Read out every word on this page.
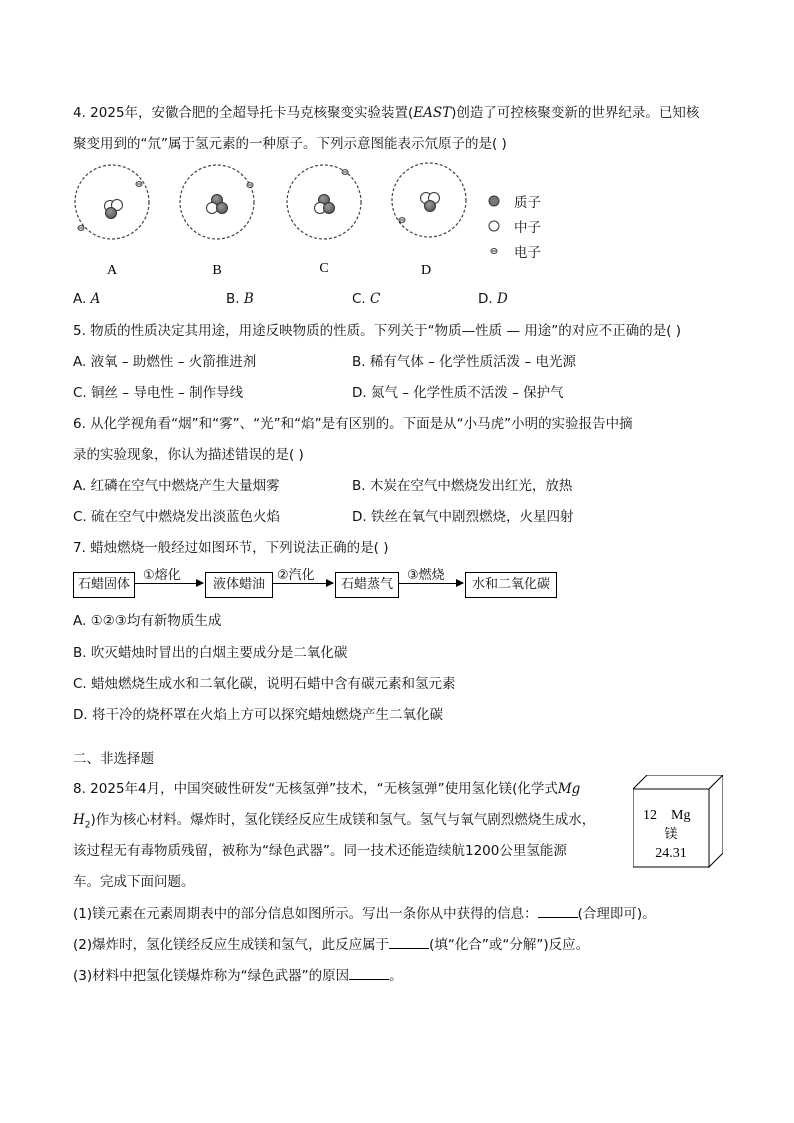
4. 2025年，安徽合肥的全超导托卡马克核聚变实验装置(EAST)创造了可控核聚变新的世界纪录。已知核
聚变用到的“氘”属于氢元素的一种原子。下列示意图能表示氘原子的是( )
A	B	C	D
质子
中子
电子
A. A	B. B	C. C	D. D
5. 物质的性质决定其用途，用途反映物质的性质。下列关于“物质—性质 — 用途”的对应不正确的是( )
A. 液氧 – 助燃性 – 火箭推进剂	B. 稀有气体 – 化学性质活泼 – 电光源
C. 铜丝 – 导电性 – 制作导线	D. 氮气 – 化学性质不活泼 – 保护气
6. 从化学视角看“烟”和“雾”、“光”和“焰”是有区别的。下面是从“小马虎”小明的实验报告中摘
录的实验现象，你认为描述错误的是( )
A. 红磷在空气中燃烧产生大量烟雾	B. 木炭在空气中燃烧发出红光，放热
C. 硫在空气中燃烧发出淡蓝色火焰	D. 铁丝在氧气中剧烈燃烧，火星四射
7. 蜡烛燃烧一般经过如图环节，下列说法正确的是( )
石蜡固体
①熔化
液体蜡油
②汽化
石蜡蒸气
③燃烧
水和二氧化碳
A. ①②③均有新物质生成
B. 吹灭蜡烛时冒出的白烟主要成分是二氧化碳
C. 蜡烛燃烧生成水和二氧化碳，说明石蜡中含有碳元素和氢元素
D. 将干冷的烧杯罩在火焰上方可以探究蜡烛燃烧产生二氧化碳
二、非选择题
8. 2025年4月，中国突破性研发“无核氢弹”技术，“无核氢弹”使用氢化镁(化学式Mg
$H_2$)作为核心材料。爆炸时，氢化镁经反应生成镁和氢气。氢气与氧气剧烈燃烧生成水，
该过程无有毒物质残留，被称为“绿色武器”。同一技术还能造续航1200公里氢能源
车。完成下面问题。
12 Mg
镁
24.31
(1)镁元素在元素周期表中的部分信息如图所示。写出一条你从中获得的信息：	(合理即可)。
(2)爆炸时，氢化镁经反应生成镁和氢气，此反应属于	(填“化合”或“分解”)反应。
(3)材料中把氢化镁爆炸称为“绿色武器”的原因	。
